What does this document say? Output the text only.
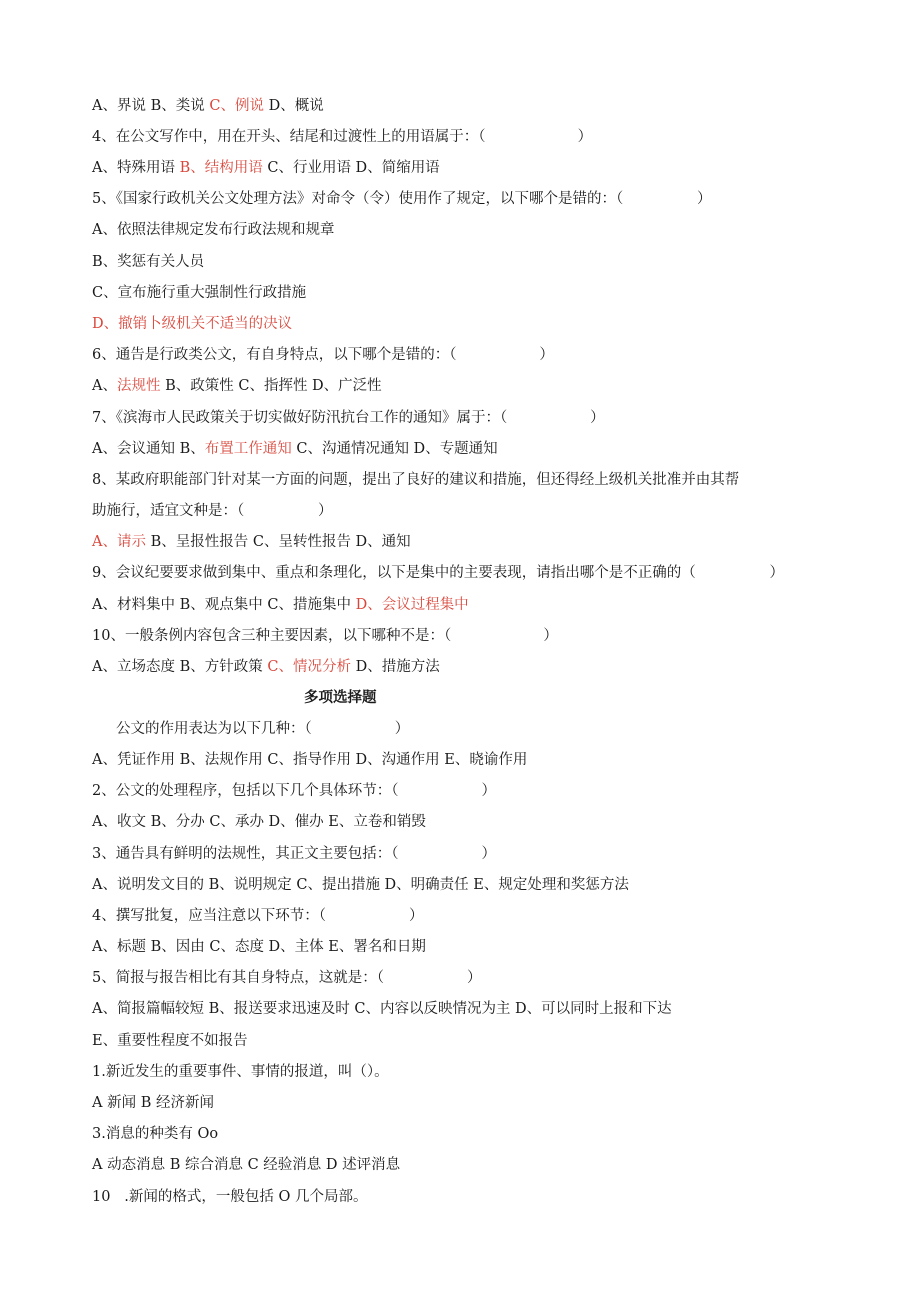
A、界说 B、类说 C、例说 D、概说
4、在公文写作中，用在开头、结尾和过渡性上的用语属于：（                    ）
A、特殊用语 B、结构用语 C、行业用语 D、简缩用语
5、《国家行政机关公文处理方法》对命令（令）使用作了规定，以下哪个是错的：（                ）
A、依照法律规定发布行政法规和规章
B、奖惩有关人员
C、宣布施行重大强制性行政措施
D、撤销卜级机关不适当的决议
6、通告是行政类公文，有自身特点，以下哪个是错的：（                  ）
A、法规性 B、政策性 C、指挥性 D、广泛性
7、《滨海市人民政策关于切实做好防汛抗台工作的通知》属于：（                  ）
A、会议通知 B、布置工作通知 C、沟通情况通知 D、专题通知
8、某政府职能部门针对某一方面的问题，提出了良好的建议和措施，但还得经上级机关批准并由其帮
助施行，适宜文种是：（                ）
A、请示 B、呈报性报告 C、呈转性报告 D、通知
9、会议纪要要求做到集中、重点和条理化，以下是集中的主要表现，请指出哪个是不正确的（                ）
A、材料集中 B、观点集中 C、措施集中 D、会议过程集中
10、一般条例内容包含三种主要因素，以下哪种不是：（                    ）
A、立场态度 B、方针政策 C、情况分析 D、措施方法
多项选择题
公文的作用表达为以下几种：（                  ）
A、凭证作用 B、法规作用 C、指导作用 D、沟通作用 E、晓谕作用
2、公文的处理程序，包括以下几个具体环节：（                  ）
A、收文 B、分办 C、承办 D、催办 E、立卷和销毁
3、通告具有鲜明的法规性，其正文主要包括：（                  ）
A、说明发文目的 B、说明规定 C、提出措施 D、明确责任 E、规定处理和奖惩方法
4、撰写批复，应当注意以下环节：（                  ）
A、标题 B、因由 C、态度 D、主体 E、署名和日期
5、简报与报告相比有其自身特点，这就是：（                  ）
A、简报篇幅较短 B、报送要求迅速及时 C、内容以反映情况为主 D、可以同时上报和下达
E、重要性程度不如报告
1.新近发生的重要事件、事情的报道，叫（）。
A 新闻 B 经济新闻
3.消息的种类有 Oo
A 动态消息 B 综合消息 C 经验消息 D 述评消息
10   .新闻的格式，一般包括 O 几个局部。
